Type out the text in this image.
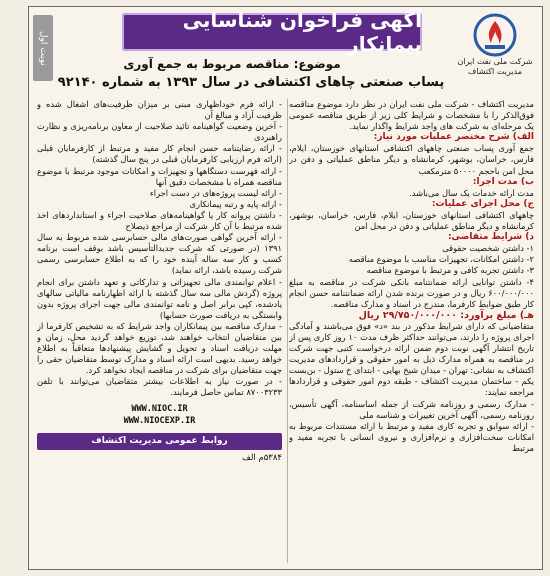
نوبت اول
آگهی فراخوان شناسایی پیمانکار
شرکت ملی نفت ایران
مدیریت اکتشاف
موضوع: مناقصه مربوط به جمع آوری
پساب صنعتی چاهای اکتشافی در سال ۱۳۹۳ به شماره ۹۲۱۴۰

مدیریت اکتشاف - شرکت ملی نفت ایران در نظر دارد موضوع مناقصه فوق‌الذکر را با مشخصات و شرایط کلی زیر از طریق مناقصه عمومی یک مرحله‌ای به شرکت های واجد شرایط واگذار نماید.

الف) شرح مختصر عملیات مورد نیاز:

جمع آوری پساب صنعتی چاههای اکتشافی استانهای خوزستان، ایلام، فارس، خراسان، بوشهر، کرمانشاه و دیگر مناطق عملیاتی و دفن در محل امن باحجم ۵۰۰۰۰ مترمکعب

ب) مدت اجرا:

مدت ارائه خدمات یک سال می‌باشد.

ج) محل اجرای عملیات:

چاههای اکتشافی استانهای خوزستان، ایلام، فارس، خراسان، بوشهر، کرمانشاه و دیگر مناطق عملیاتی و دفن در محل امن

د) شرایط متقاضی:

۱- داشتن شخصیت حقوقی

۲- داشتن امکانات، تجهیزات مناسب با موضوع مناقصه

۳- داشتن تجربه کافی و مرتبط با موضوع مناقصه

۴- داشتن توانایی ارائه ضمانتنامه بانکی شرکت در مناقصه به مبلغ ۶۰۰/۰۰۰/۰۰۰ ریال و در صورت برنده شدن ارائه ضمانتنامه حسن انجام کار طبق ضوابط کارفرما، مندرج در اسناد و مدارک مناقصه.

هـ) مبلغ برآورد: ۲۹/۷۵۰/۰۰۰/۰۰۰ ریال

متقاضیانی که دارای شرایط مذکور در بند «د» فوق می‌باشند و آمادگی اجرای پروژه را دارند، می‌توانند حداکثر ظرف مدت ۱۰ روز کاری پس از تاریخ انتشار آگهی نوبت دوم ضمن ارائه درخواست کتبی جهت شرکت در مناقصه به همراه مدارک ذیل به امور حقوقی و قراردادهای مدیریت اکتشاف به نشانی: تهران - میدان شیخ بهایی - ابتدای خ ستول - بن‌بست یکم - ساختمان مدیریت اکتشاف - طبقه دوم امور حقوقی و قراردادها مراجعه نمایند:

- مدارک رسمی و روزنامه شرکت از جمله اساسنامه، آگهی تأسیس، روزنامه رسمی، آگهی آخرین تغییرات و شناسه ملی

- ارائه سوابق و تجربه کاری مفید و مرتبط با ارائه مستندات مربوط به امکانات سخت‌افزاری و نرم‌افزاری و نیروی انسانی با تجربه مفید و مرتبط

- ارائه فرم خوداظهاری مبنی بر میزان ظرفیت‌های اشغال شده و ظرفیت آزاد و مبالغ آن

- آخرین وضعیت گواهینامه تائید صلاحیت از معاون برنامه‌ریزی و نظارت راهبردی

- ارائه رضایتنامه حسن انجام کار مفید و مرتبط از کارفرمایان قبلی (ارائه فرم ارزیابی کارفرمایان قبلی در پنج سال گذشته)

- ارائه فهرست دستگاهها و تجهیزات و امکانات موجود مرتبط با موضوع مناقصه همراه با مشخصات دقیق آنها

- ارائه لیست پروژه‌های در دست اجراء

- ارائه پایه و رتبه پیمانکاری

- داشتن پروانه کار یا گواهینامه‌های صلاحیت اجراء و استانداردهای اخذ شده مرتبط با آن کار شرکت از مراجع ذیصلاح

- ارائه آخرین گواهی صورت‌های مالی حسابرسی شده مربوط به سال ۱۳۹۱ (در صورتی که شرکت جدیدالتأسیس باشد بوقف است برنامه کسب و کار سه ساله آینده خود را که به اطلاع حسابرسی رسمی شرکت رسیده باشد، ارائه نماید)

- اعلام توانمندی مالی تجهیزاتی و تدارکاتی و تعهد داشتن برای انجام پروژه (گردش مالی سه سال گذشته با ارائه اظهارنامه مالیاتی سالهای یادشده، کپی برابر اصل و نامه توانمندی مالی جهت اجرای پروژه بدون وابستگی به دریافت صورت حسابها)

- مدارک مناقصه بین پیمانکاران واجد شرایط که به تشخیص کارفرما از بین متقاضیان انتخاب خواهند شد، توزیع خواهد گردید محل، زمان و مهلت دریافت اسناد و تحویل و گشایش پیشنهادها متعاقباً به اطلاع خواهد رسید. بدیهی است ارائه اسناد و مدارک توسط متقاضیان حقی را جهت متقاضیان برای شرکت در مناقصه ایجاد نخواهد کرد.

- در صورت نیاز به اطلاعات بیشتر متقاضیان می‌توانند با تلفن ۸۷۰۰۳۲۳۳ تماس حاصل فرمایند.

WWW.NIOC.IR
WWW.NIOCEXP.IR
روابط عمومی مدیریت اکتشاف
۵۳۸۴م الف
